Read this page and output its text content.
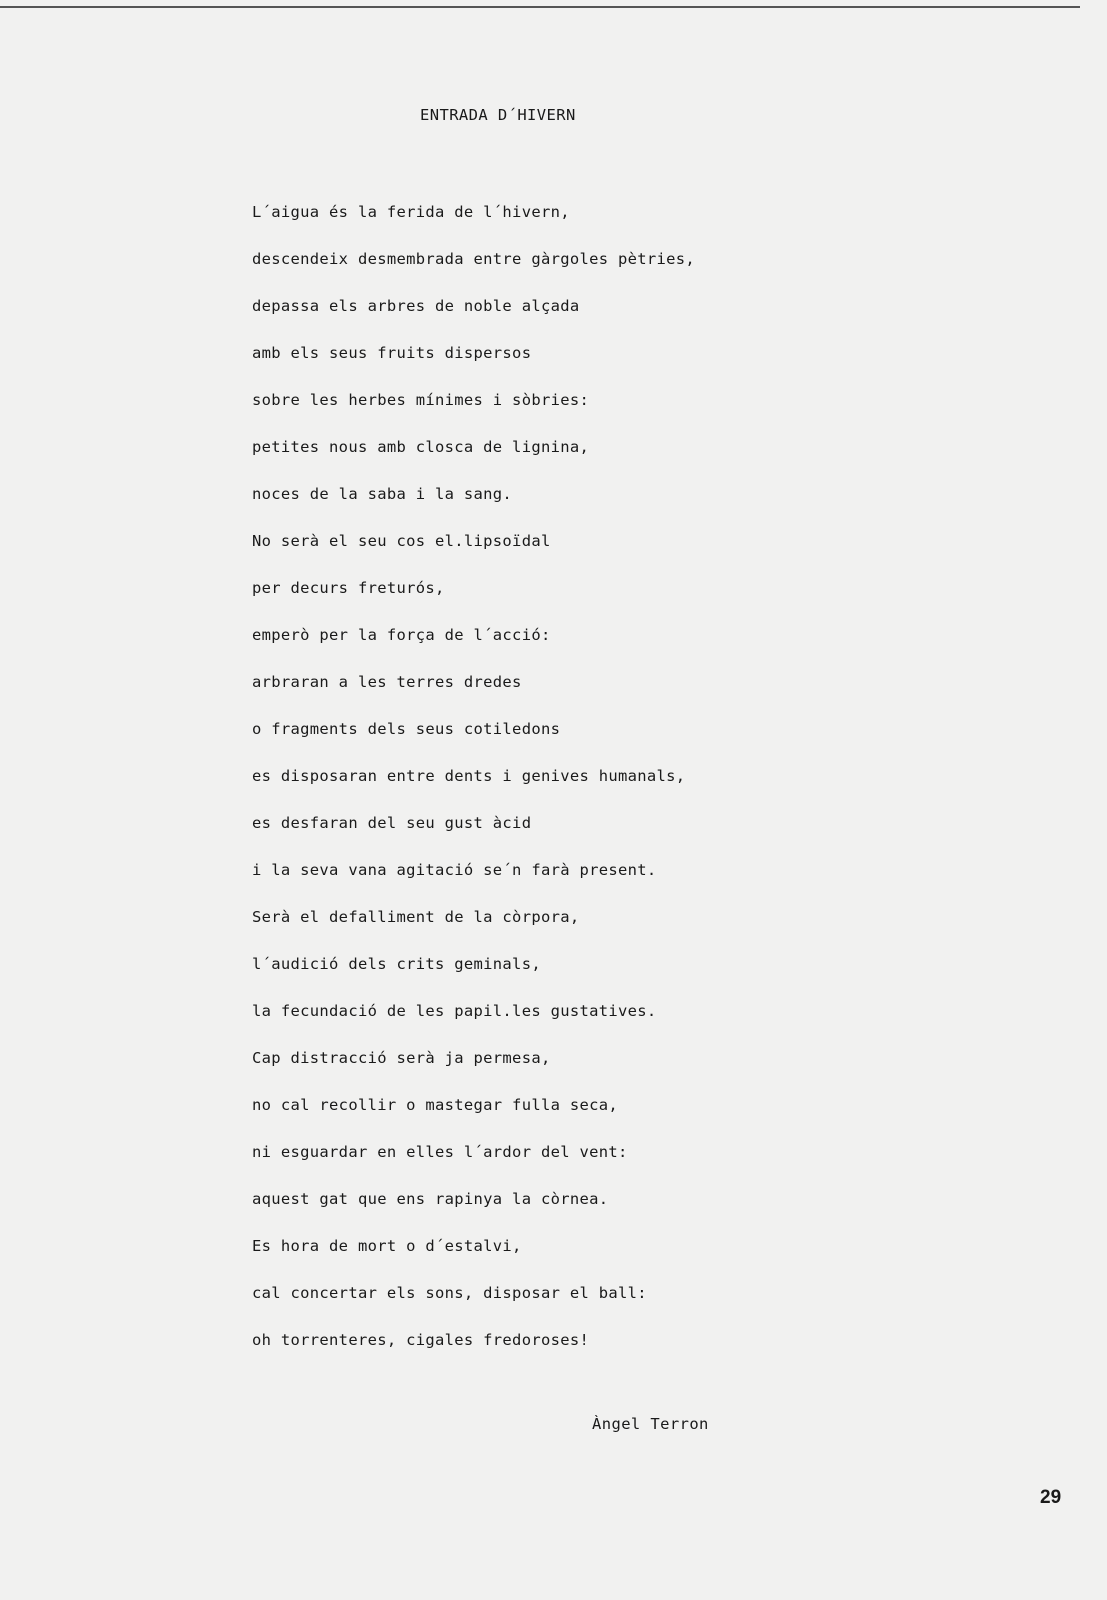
ENTRADA D´HIVERN
L´aigua és la ferida de l´hivern,
descendeix desmembrada entre gàrgoles pètries,
depassa els arbres de noble alçada
amb els seus fruits dispersos
sobre les herbes mínimes i sòbries:
petites nous amb closca de lignina,
noces de la saba i la sang.
No serà el seu cos el.lipsoïdal
per decurs freturós,
emperò per la força de l´acció:
arbraran a les terres dredes
o fragments dels seus cotiledons
es disposaran entre dents i genives humanals,
es desfaran del seu gust àcid
i la seva vana agitació se´n farà present.
Serà el defalliment de la còrpora,
l´audició dels crits geminals,
la fecundació de les papil.les gustatives.
Cap distracció serà ja permesa,
no cal recollir o mastegar fulla seca,
ni esguardar en elles l´ardor del vent:
aquest gat que ens rapinya la còrnea.
Es hora de mort o d´estalvi,
cal concertar els sons, disposar el ball:
oh torrenteres, cigales fredoroses!
Àngel Terron
29
